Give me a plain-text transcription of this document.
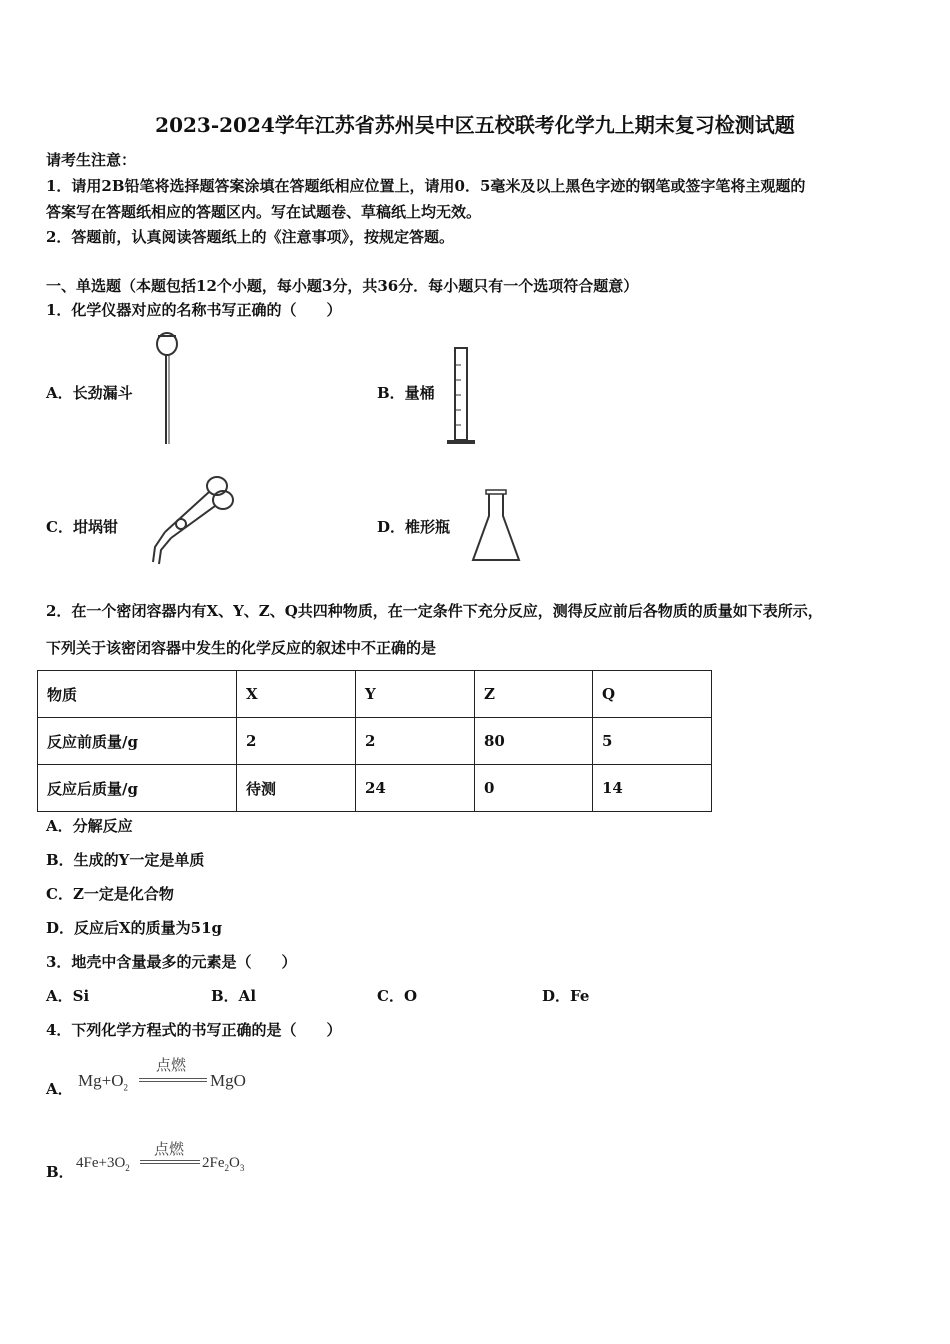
2023-2024学年江苏省苏州吴中区五校联考化学九上期末复习检测试题
请考生注意：
1．请用2B铅笔将选择题答案涂填在答题纸相应位置上，请用0．5毫米及以上黑色字迹的钢笔或签字笔将主观题的
答案写在答题纸相应的答题区内。写在试题卷、草稿纸上均无效。
2．答题前，认真阅读答题纸上的《注意事项》，按规定答题。
一、单选题（本题包括12个小题，每小题3分，共36分．每小题只有一个选项符合题意）
1．化学仪器对应的名称书写正确的（　　）
A．长劲漏斗	B．量桶
C．坩埚钳	D．椎形瓶
2．在一个密闭容器内有X、Y、Z、Q共四种物质，在一定条件下充分反应，测得反应前后各物质的质量如下表所示，
下列关于该密闭容器中发生的化学反应的叙述中不正确的是
物质	X	Y	Z	Q
反应前质量/g	2	2	80	5
反应后质量/g	待测	24	0	14
A．分解反应
B．生成的Y一定是单质
C．Z一定是化合物
D．反应后X的质量为51g
3．地壳中含量最多的元素是（　　）
A．Si	B．Al	C．O	D．Fe
4．下列化学方程式的书写正确的是（　　）
A． $Mg+O_2$
点燃
MgO
B． $4Fe+3O_2$
点燃
$2Fe_2O_3$
